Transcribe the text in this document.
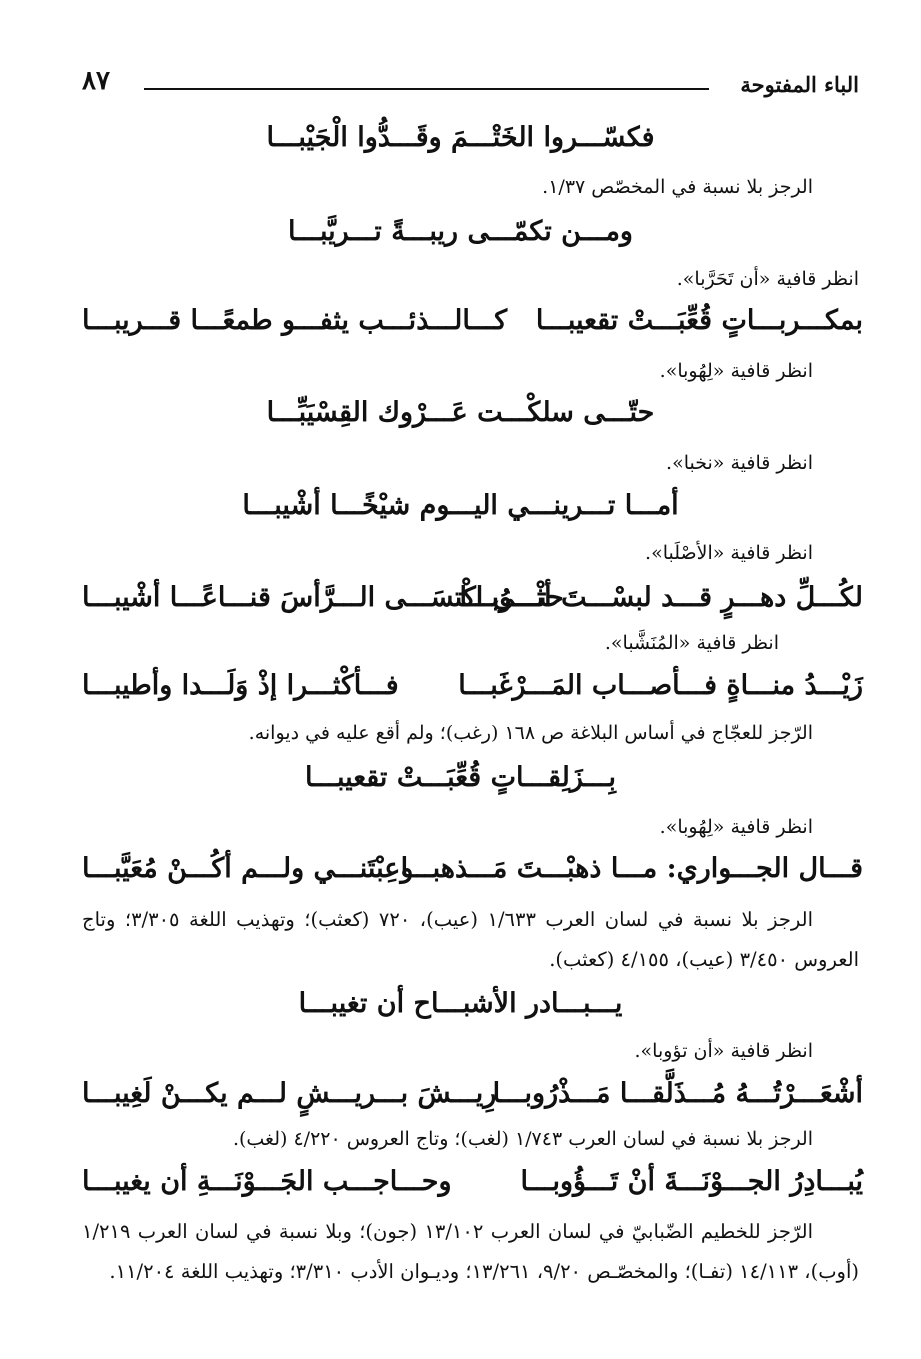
الباء المفتوحة
٨٧
فكسّـــروا الخَتْـــمَ وقَـــدُّوا الْجَيْبـــا
الرجز بلا نسبة في المخصّص ١/٣٧.
ومـــن تكمّـــى ريبـــةً تـــريَّبـــا
انظر قافية «أن تَحَرَّبا».
بمكـــربـــاتٍ قُعِّبَـــتْ تقعيبـــا
كـــالـــذئـــب يثفـــو طمعًـــا قـــريبـــا
انظر قافية «لِهُوبا».
حتّـــى سلكْـــت عَـــرْوك القِسْيَبِّـــا
انظر قافية «نخبا».
أمـــا تـــرينـــي اليـــوم شيْخًـــا أشْيبـــا
انظر قافية «الأصْلَبا».
لكُـــلِّ دهـــرٍ قـــد لبسْـــتَ أثْـــوُبـــا
حتـــى اكْتسَـــى الـــرَّأسَ قنـــاعًـــا أشْيبـــا
انظر قافية «المُنَشَّبا».
زَيْـــدُ منـــاةٍ فـــأصـــاب المَـــرْغَبـــا
فـــأكْثـــرا إذْ وَلَـــدا وأطيبـــا
الرّجز للعجّاج في أساس البلاغة ص ١٦٨ (رغب)؛ ولم أقع عليه في ديوانه.
بِـــزَلِقـــاتٍ قُعِّبَـــتْ تقعيبـــا
انظر قافية «لِهُوبا».
قـــال الجـــواري: مـــا ذهبْـــتَ مَـــذهبـــا
وعِبْتَنـــي ولـــم أكُـــنْ مُعَيَّبـــا
الرجز بلا نسبة في لسان العرب ١/٦٣٣ (عيب)، ٧٢٠ (كعثب)؛ وتهذيب اللغة ٣/٣٠٥؛ وتاج العروس ٣/٤٥٠ (عيب)، ٤/١٥٥ (كعثب).
يـــبـــادر الأشبـــاح أن تغيبـــا
انظر قافية «أن تؤوبا».
أشْعَـــرْتُـــهُ مُـــذَلَّقـــا مَـــذْرُوبـــا
رِيـــشَ بـــريـــشٍ لـــم يكـــنْ لَغِيبـــا
الرجز بلا نسبة في لسان العرب ١/٧٤٣ (لغب)؛ وتاج العروس ٤/٢٢٠ (لغب).
يُبـــادِرُ الجـــوْنَـــةَ أنْ تَـــؤُوبـــا
وحـــاجـــب الجَـــوْنَـــةِ أن يغيبـــا
الرّجز للخطيم الضّبابيّ في لسان العرب ١٣/١٠٢ (جون)؛ وبلا نسبة في لسان العرب ١/٢١٩ (أوب)، ١٤/١١٣ (تفـا)؛ والمخصّـص ٩/٢٠، ١٣/٢٦١؛ وديـوان الأدب ٣/٣١٠؛ وتهذيب اللغة ١١/٢٠٤.
